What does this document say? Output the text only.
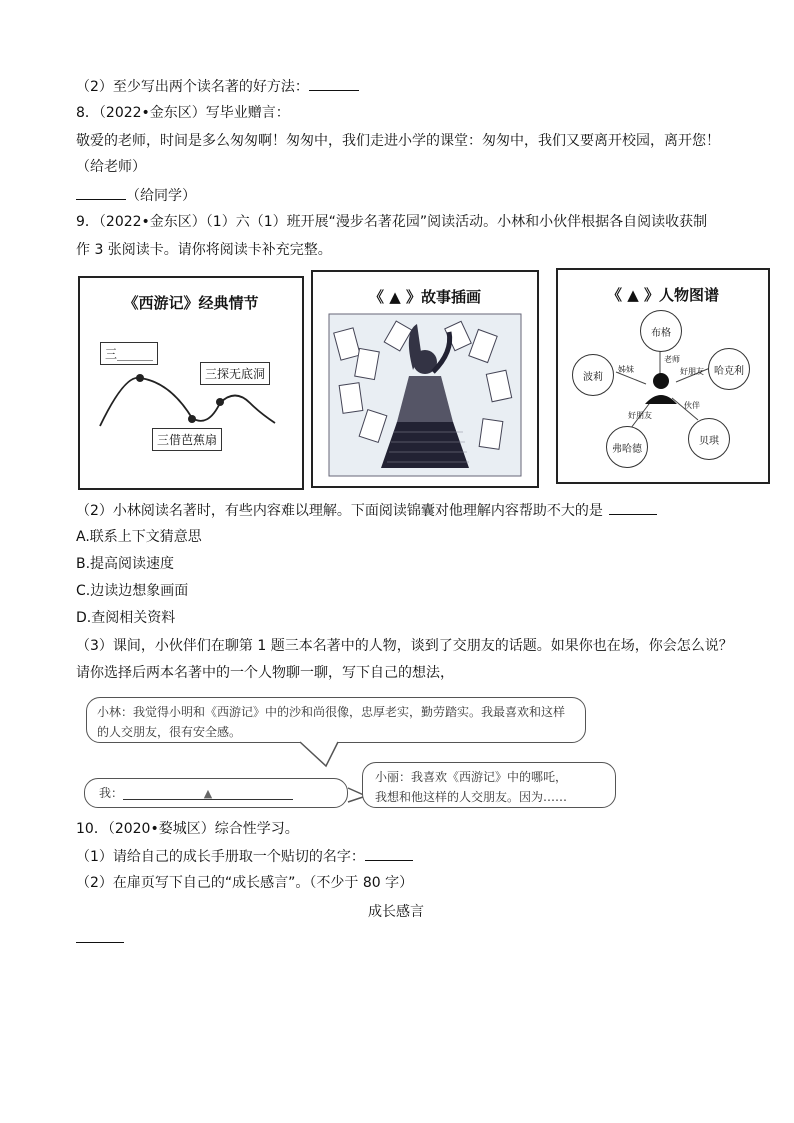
（2）至少写出两个读名著的好方法：
8．（2022•金东区）写毕业赠言：
敬爱的老师，时间是多么匆匆啊！匆匆中，我们走进小学的课堂：匆匆中，我们又要离开校园，离开您！
（给老师）
（给同学）
9．（2022•金东区）（1）六（1）班开展“漫步名著花园”阅读活动。小林和小伙伴根据各自阅读收获制
作 3 张阅读卡。请你将阅读卡补充完整。
《西游记》经典情节
三______
三探无底洞
三借芭蕉扇
《 ▲ 》故事插画	《 ▲ 》人物图谱
布格
波莉
哈克利
弗哈德
贝琪
老师
姊妹	好朋友
好朋友
伙伴
（2）小林阅读名著时，有些内容难以理解。下面阅读锦囊对他理解内容帮助不大的是
A.联系上下文猜意思
B.提高阅读速度
C.边读边想象画面
D.查阅相关资料
（3）课间，小伙伴们在聊第 1 题三本名著中的人物，谈到了交朋友的话题。如果你也在场，你会怎么说？
请你选择后两本名著中的一个人物聊一聊，写下自己的想法，
小林：我觉得小明和《西游记》中的沙和尚很像，忠厚老实，勤劳踏实。我最喜欢和这样的人交朋友，很有安全感。
我：	▲
小丽：我喜欢《西游记》中的哪吒，
我想和他这样的人交朋友。因为……
10．（2020•婺城区）综合性学习。
（1）请给自己的成长手册取一个贴切的名字：
（2）在扉页写下自己的“成长感言”。（不少于 80 字）
成长感言
